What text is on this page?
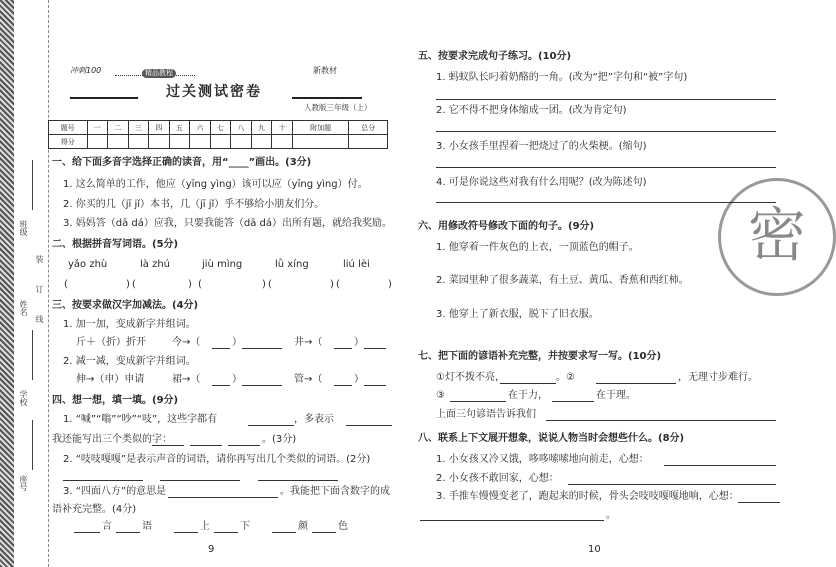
班级
姓名
学校
座号
装
订
线
冲刺100	精品教程	新教材
过关测试密卷
人教版三年级（上）
题号	一	二	三	四	五	六	七	八	九	十	附加题	总分
得分												
一、给下面多音字选择正确的读音，用“____”画出。(3分)
1. 这么简单的工作，他应（yīng yìng）该可以应（yīng yìng）付。
2. 你买的几（jī jǐ）本书，几（jī jǐ）乎不够给小朋友们分。
3. 妈妈答（dā dá）应我，只要我能答（dā dá）出所有题，就给我奖励。
二、根据拼音写词语。(5分)
yǎo zhù	là zhú	jiù mìng	lǜ xíng	liú lèi
(	) (	) (	) (	) (	)
三、按要求做汉字加减法。(4分)
1. 加一加，变成新字并组词。
斤＋（折）折开	今→（	）	井→（	）
2. 减一减，变成新字并组词。
伸→（申）申请	裙→（	）	管→（	）
四、想一想，填一填。(9分)
1. “喊”“嗡”“吵”“吱”，这些字都有	，多表示
我还能写出三个类似的字：	。(3分)
2. “吱吱嘎嘎”是表示声音的词语，请你再写出几个类似的词语。(2分)
3. “四面八方”的意思是	。我能把下面含数字的成
语补充完整。(4分)
言	语	上	下	颜	色
9
密
五、按要求完成句子练习。(10分)
1. 蚂蚁队长叼着奶酪的一角。(改为“把”字句和“被”字句)
2. 它不得不把身体缩成一团。(改为肯定句)
3. 小女孩手里捏着一把烧过了的火柴梗。(缩句)
4. 可是你说这些对我有什么用呢？(改为陈述句)
六、用修改符号修改下面的句子。(9分)
1. 他穿着一件灰色的上衣，一顶蓝色的帽子。
2. 菜园里种了很多蔬菜，有土豆、黄瓜、香蕉和西红柿。
3. 他穿上了新衣服，脱下了旧衣服。
七、把下面的谚语补充完整，并按要求写一写。(10分)
①灯不拨不亮，	。②	，无理寸步难行。
③	在于力，	在于理。
上面三句谚语告诉我们
八、联系上下文展开想象，说说人物当时会想些什么。(8分)
1. 小女孩又冷又饿，哆哆嗦嗦地向前走，心想：
2. 小女孩不敢回家，心想：
3. 手推车慢慢变老了，跑起来的时候，骨头会吱吱嘎嘎地响，心想：
。
10
